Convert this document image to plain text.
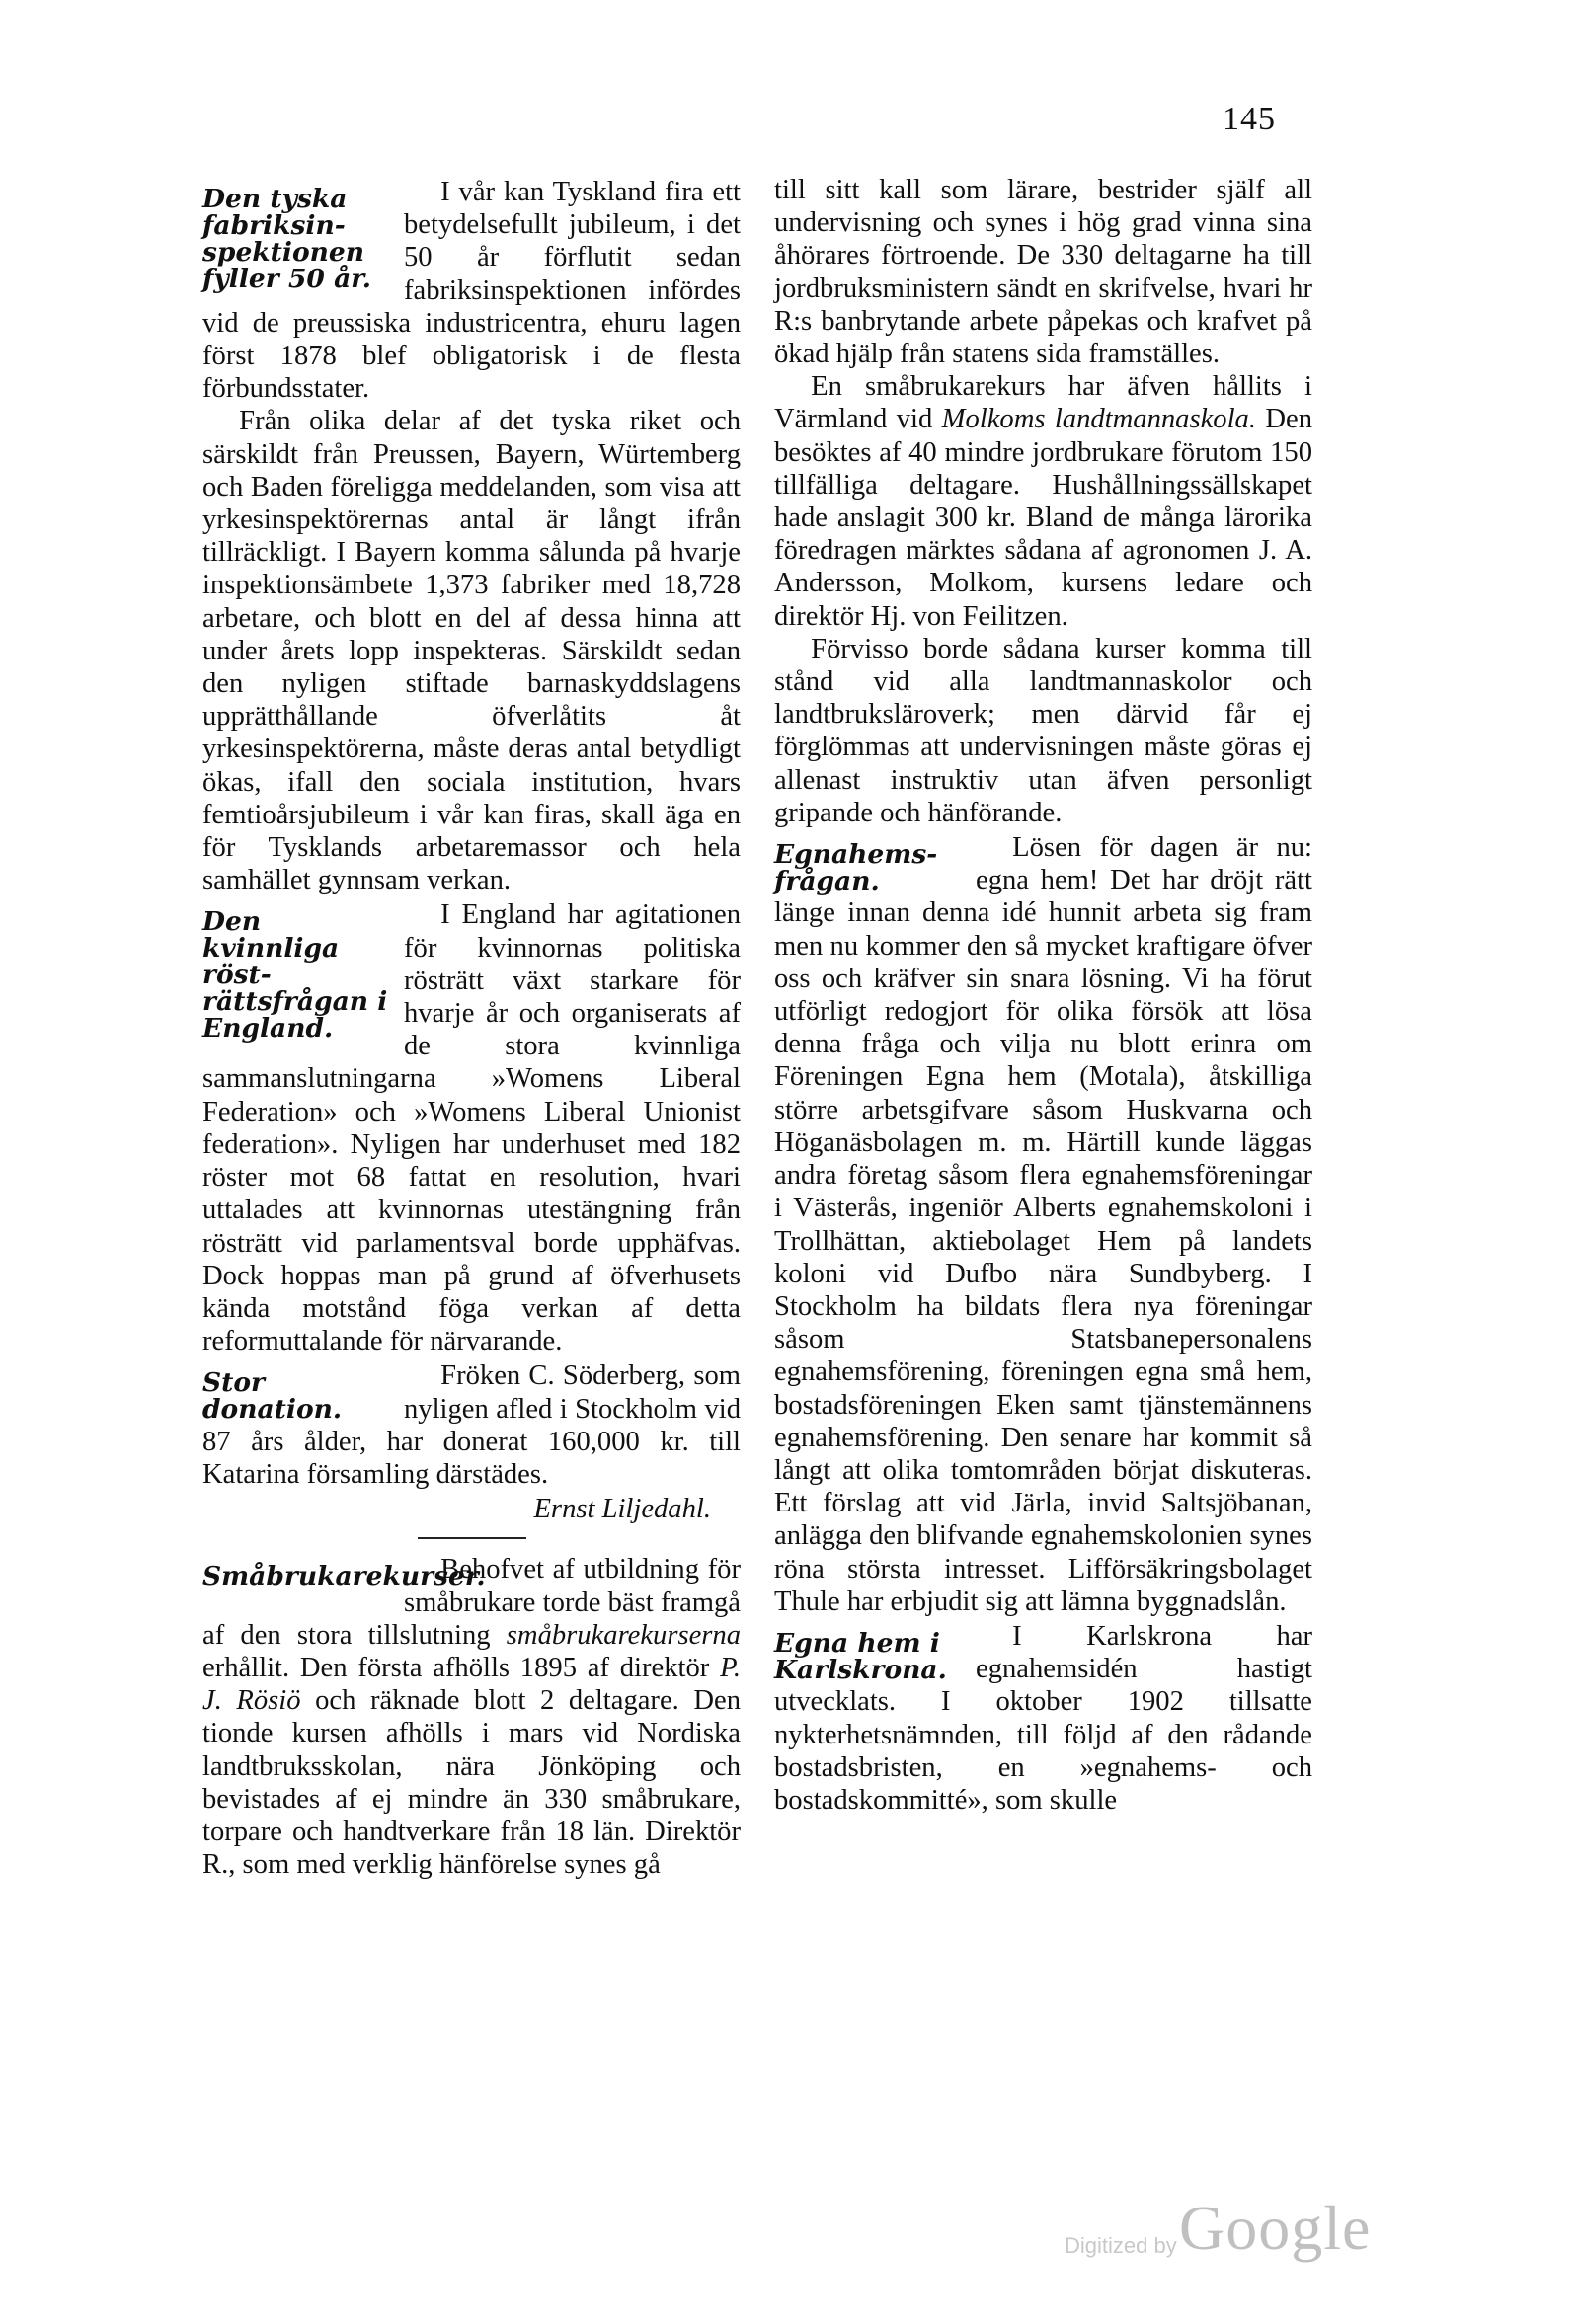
145
Den tyska fabriksin-spektionen fyller 50 år.

I vår kan Tyskland fira ett betydelsefullt jubileum, i det 50 år förflutit sedan fabriksinspektionen infördes vid de preussiska industricentra, ehuru lagen först 1878 blef obligatorisk i de flesta förbundsstater.

Från olika delar af det tyska riket och särskildt från Preussen, Bayern, Würtemberg och Baden föreligga meddelanden, som visa att yrkesinspektörernas antal är långt ifrån tillräckligt. I Bayern komma sålunda på hvarje inspektionsämbete 1,373 fabriker med 18,728 arbetare, och blott en del af dessa hinna att under årets lopp inspekteras. Särskildt sedan den nyligen stiftade barnaskyddslagens upprätthållande öfverlåtits åt yrkesinspektörerna, måste deras antal betydligt ökas, ifall den sociala institution, hvars femtioårsjubileum i vår kan firas, skall äga en för Tysklands arbetaremassor och hela samhället gynnsam verkan.

Den kvinnliga röst-rättsfrågan i England.

I England har agitationen för kvinnornas politiska rösträtt växt starkare för hvarje år och organiserats af de stora kvinnliga sammanslutningarna »Womens Liberal Federation» och »Womens Liberal Unionist federation». Nyligen har underhuset med 182 röster mot 68 fattat en resolution, hvari uttalades att kvinnornas utestängning från rösträtt vid parlamentsval borde upphäfvas. Dock hoppas man på grund af öfverhusets kända motstånd föga verkan af detta reformuttalande för närvarande.

Stor donation.

Fröken C. Söderberg, som nyligen afled i Stockholm vid 87 års ålder, har donerat 160,000 kr. till Katarina församling därstädes.

Ernst Liljedahl.

Småbrukarekurser.

Behofvet af utbildning för småbrukare torde bäst framgå af den stora tillslutning småbrukarekurserna erhållit. Den första afhölls 1895 af direktör P. J. Rösiö och räknade blott 2 deltagare. Den tionde kursen afhölls i mars vid Nordiska landtbruksskolan, nära Jönköping och bevistades af ej mindre än 330 småbrukare, torpare och handtverkare från 18 län. Direktör R., som med verklig hänförelse synes gå

till sitt kall som lärare, bestrider själf all undervisning och synes i hög grad vinna sina åhörares förtroende. De 330 deltagarne ha till jordbruksministern sändt en skrifvelse, hvari hr R:s banbrytande arbete påpekas och krafvet på ökad hjälp från statens sida framställes.

En småbrukarekurs har äfven hållits i Värmland vid Molkoms landtmannaskola. Den besöktes af 40 mindre jordbrukare förutom 150 tillfälliga deltagare. Hushållningssällskapet hade anslagit 300 kr. Bland de många lärorika föredragen märktes sådana af agronomen J. A. Andersson, Molkom, kursens ledare och direktör Hj. von Feilitzen.

Förvisso borde sådana kurser komma till stånd vid alla landtmannaskolor och landtbruksläroverk; men därvid får ej förglömmas att undervisningen måste göras ej allenast instruktiv utan äfven personligt gripande och hänförande.

Egnahems-frågan.

Lösen för dagen är nu: egna hem! Det har dröjt rätt länge innan denna idé hunnit arbeta sig fram men nu kommer den så mycket kraftigare öfver oss och kräfver sin snara lösning. Vi ha förut utförligt redogjort för olika försök att lösa denna fråga och vilja nu blott erinra om Föreningen Egna hem (Motala), åtskilliga större arbetsgifvare såsom Huskvarna och Höganäsbolagen m. m. Härtill kunde läggas andra företag såsom flera egnahemsföreningar i Västerås, ingeniör Alberts egnahemskoloni i Trollhättan, aktiebolaget Hem på landets koloni vid Dufbo nära Sundbyberg. I Stockholm ha bildats flera nya föreningar såsom Statsbanepersonalens egnahemsförening, föreningen egna små hem, bostadsföreningen Eken samt tjänstemännens egnahemsförening. Den senare har kommit så långt att olika tomtområden börjat diskuteras. Ett förslag att vid Järla, invid Saltsjöbanan, anlägga den blifvande egnahemskolonien synes röna största intresset. Lifförsäkringsbolaget Thule har erbjudit sig att lämna byggnadslån.

Egna hem i Karlskrona.

I Karlskrona har egnahemsidén hastigt utvecklats. I oktober 1902 tillsatte nykterhetsnämnden, till följd af den rådande bostadsbristen, en »egnahems- och bostadskommitté», som skulle

Digitized by Google
